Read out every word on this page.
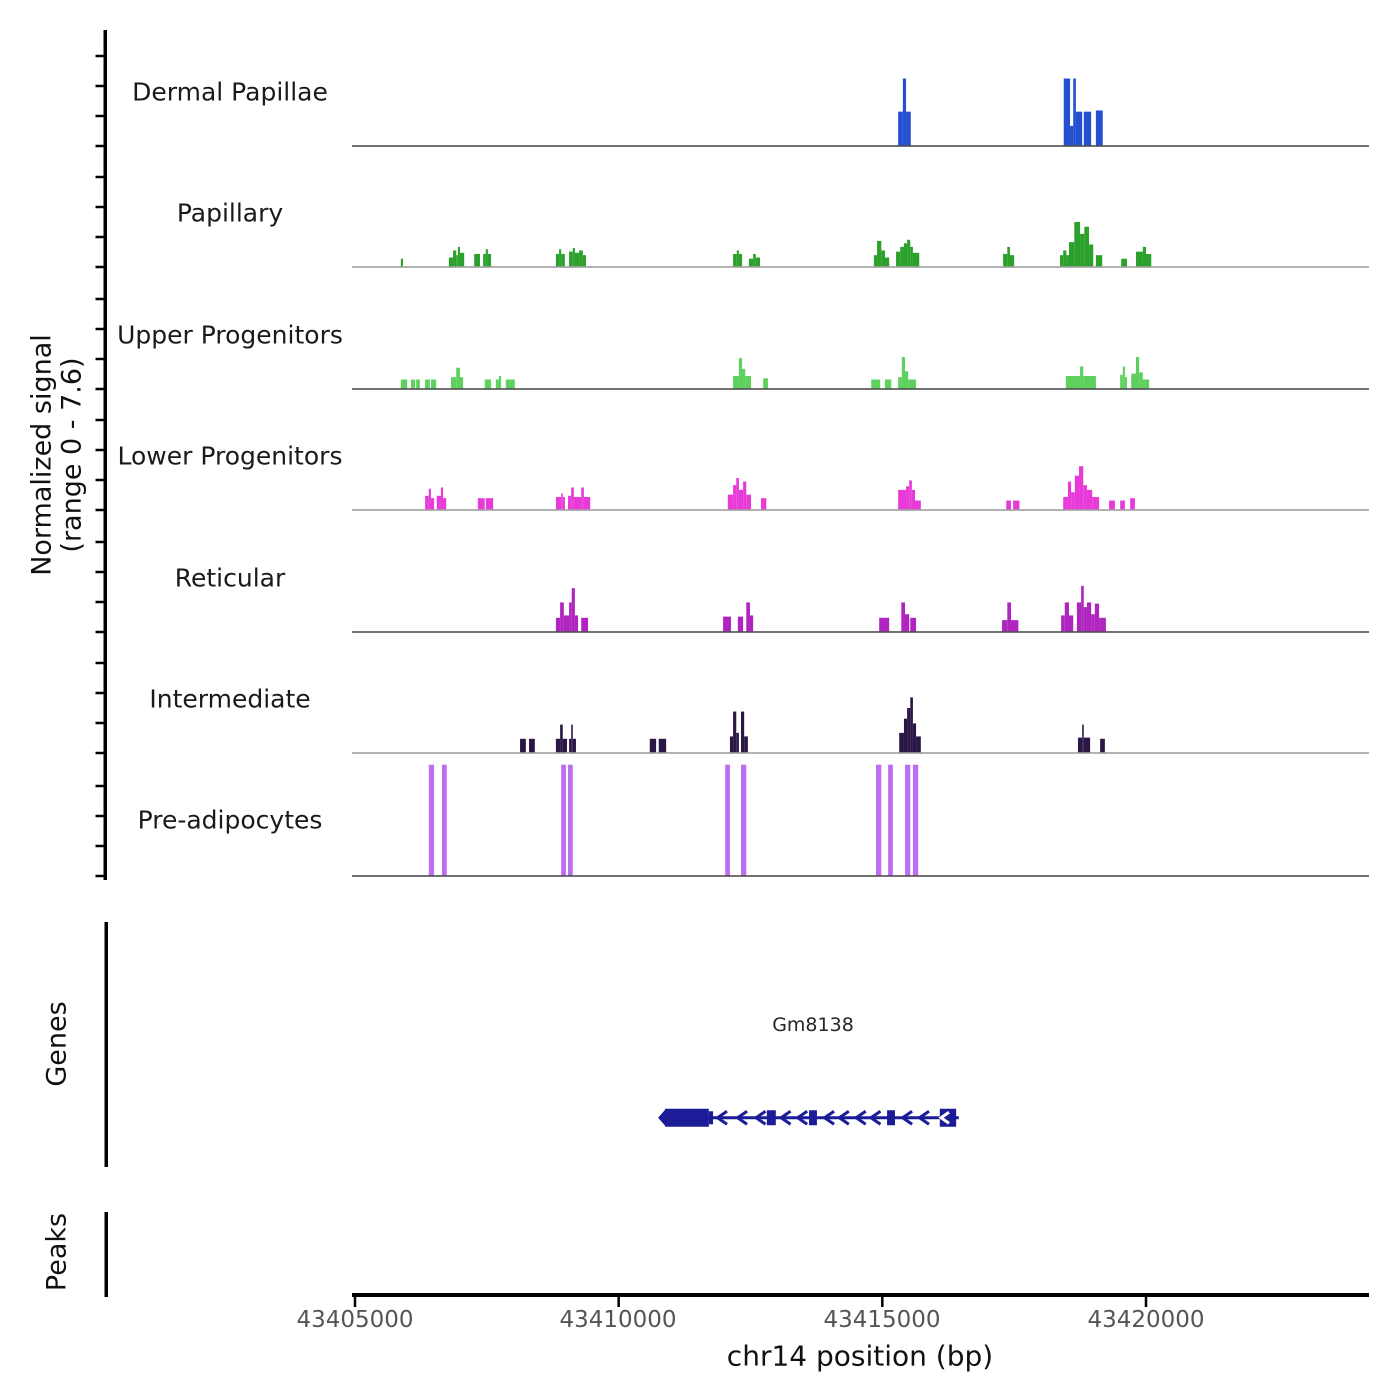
Normalized signal (range 0 - 7.6)
Dermal Papillae
Papillary
Upper Progenitors
Lower Progenitors
Reticular
Intermediate
Pre-adipocytes
Genes
Peaks
Gm8138
43405000	43410000	43415000	43420000
chr14 position (bp)
